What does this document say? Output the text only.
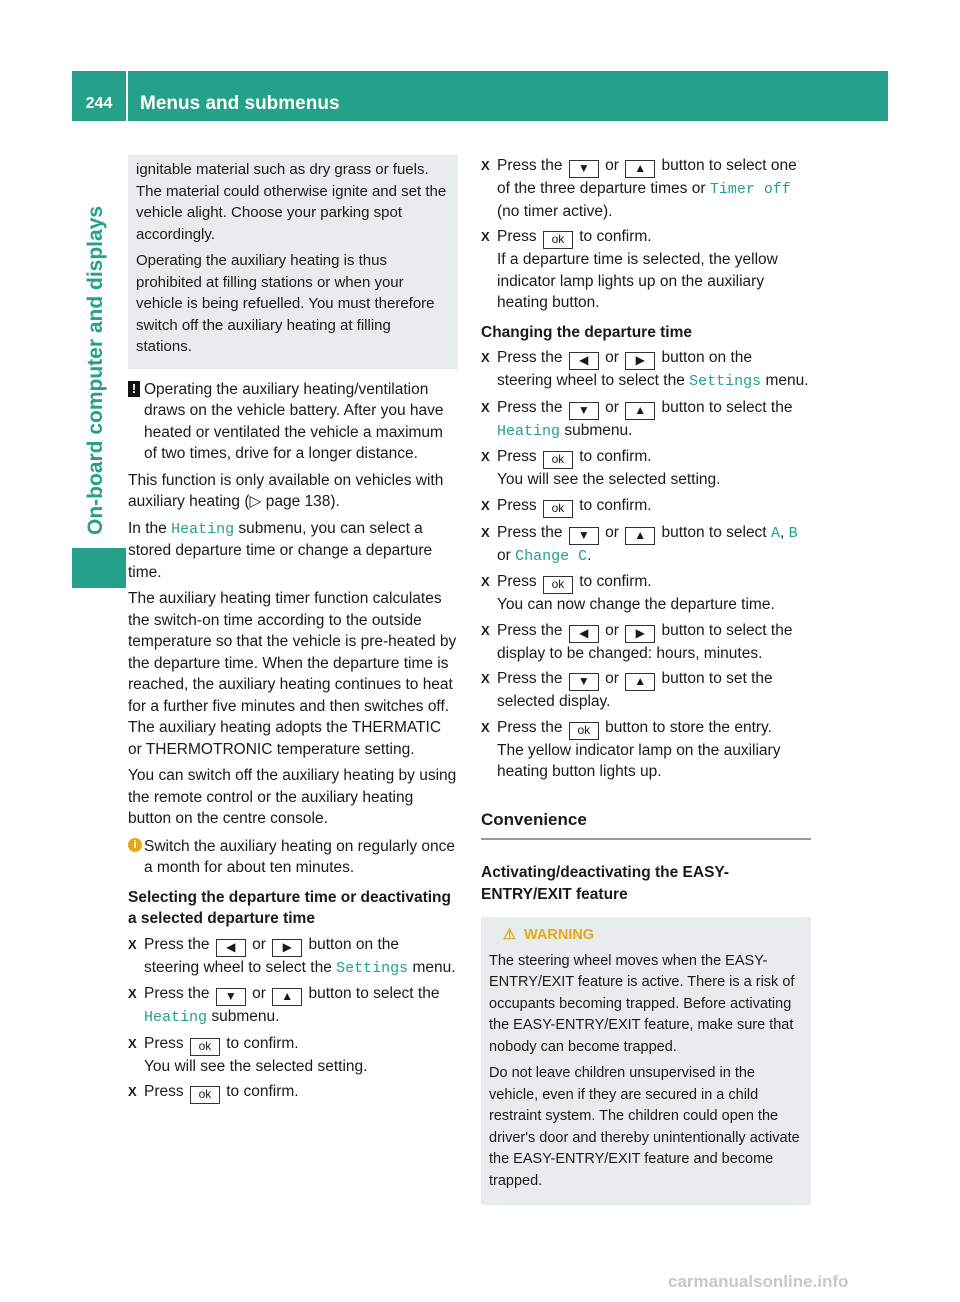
244	Menus and submenus
On-board computer and displays

ignitable material such as dry grass or fuels. The material could otherwise ignite and set the vehicle alight. Choose your parking spot accordingly.

Operating the auxiliary heating is thus prohibited at filling stations or when your vehicle is being refuelled. You must therefore switch off the auxiliary heating at filling stations.

! Operating the auxiliary heating/ventilation draws on the vehicle battery. After you have heated or ventilated the vehicle a maximum of two times, drive for a longer distance.

This function is only available on vehicles with auxiliary heating (▷ page 138).

In the Heating submenu, you can select a stored departure time or change a departure time.

The auxiliary heating timer function calculates the switch-on time according to the outside temperature so that the vehicle is pre-heated by the departure time. When the departure time is reached, the auxiliary heating continues to heat for a further five minutes and then switches off. The auxiliary heating adopts the THERMATIC or THERMOTRONIC temperature setting.

You can switch off the auxiliary heating by using the remote control or the auxiliary heating button on the centre console.

i Switch the auxiliary heating on regularly once a month for about ten minutes.
Selecting the departure time or deactivating a selected departure time
X Press the ◀ or ▶ button on the steering wheel to select the Settings menu.
X Press the ▼ or ▲ button to select the Heating submenu.
X Press ok to confirm.
You will see the selected setting.
X Press ok to confirm.
X Press the ▼ or ▲ button to select one of the three departure times or Timer off (no timer active).
X Press ok to confirm.
If a departure time is selected, the yellow indicator lamp lights up on the auxiliary heating button.
Changing the departure time
X Press the ◀ or ▶ button on the steering wheel to select the Settings menu.
X Press the ▼ or ▲ button to select the Heating submenu.
X Press ok to confirm.
You will see the selected setting.
X Press ok to confirm.
X Press the ▼ or ▲ button to select A, B or Change C.
X Press ok to confirm.
You can now change the departure time.
X Press the ◀ or ▶ button to select the display to be changed: hours, minutes.
X Press the ▼ or ▲ button to set the selected display.
X Press the ok button to store the entry.
The yellow indicator lamp on the auxiliary heating button lights up.
Convenience
Activating/deactivating the EASY-ENTRY/EXIT feature
⚠ WARNING

The steering wheel moves when the EASY-ENTRY/EXIT feature is active. There is a risk of occupants becoming trapped. Before activating the EASY-ENTRY/EXIT feature, make sure that nobody can become trapped.

Do not leave children unsupervised in the vehicle, even if they are secured in a child restraint system. The children could open the driver's door and thereby unintentionally activate the EASY-ENTRY/EXIT feature and become trapped.

carmanualsonline.info
